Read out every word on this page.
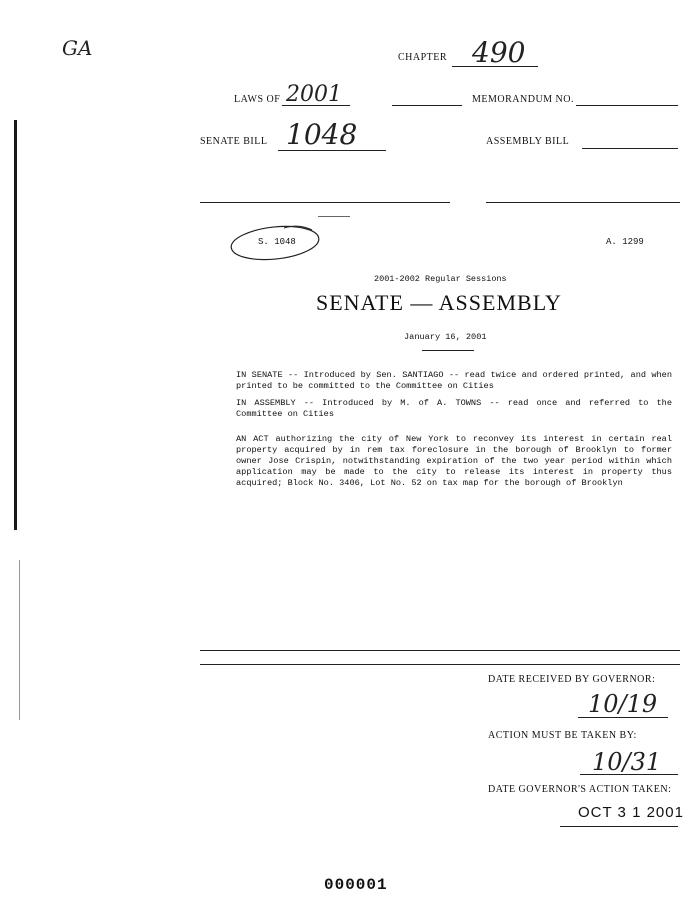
GA	CHAPTER 490
LAWS OF 2001	MEMORANDUM NO.
SENATE BILL 1048	ASSEMBLY BILL
S. 1048	A. 1299
2001-2002 Regular Sessions
SENATE — ASSEMBLY
January 16, 2001
IN SENATE -- Introduced by Sen. SANTIAGO -- read twice and ordered printed, and when printed to be committed to the Committee on Cities
IN ASSEMBLY -- Introduced by M. of A. TOWNS -- read once and referred to the Committee on Cities
AN ACT authorizing the city of New York to reconvey its interest in certain real property acquired by in rem tax foreclosure in the borough of Brooklyn to former owner Jose Crispin, notwithstanding expiration of the two year period within which application may be made to the city to release its interest in property thus acquired; Block No. 3406, Lot No. 52 on tax map for the borough of Brooklyn
DATE RECEIVED BY GOVERNOR:
10/19
ACTION MUST BE TAKEN BY:
10/31
DATE GOVERNOR'S ACTION TAKEN:
OCT 3 1 2001
000001
